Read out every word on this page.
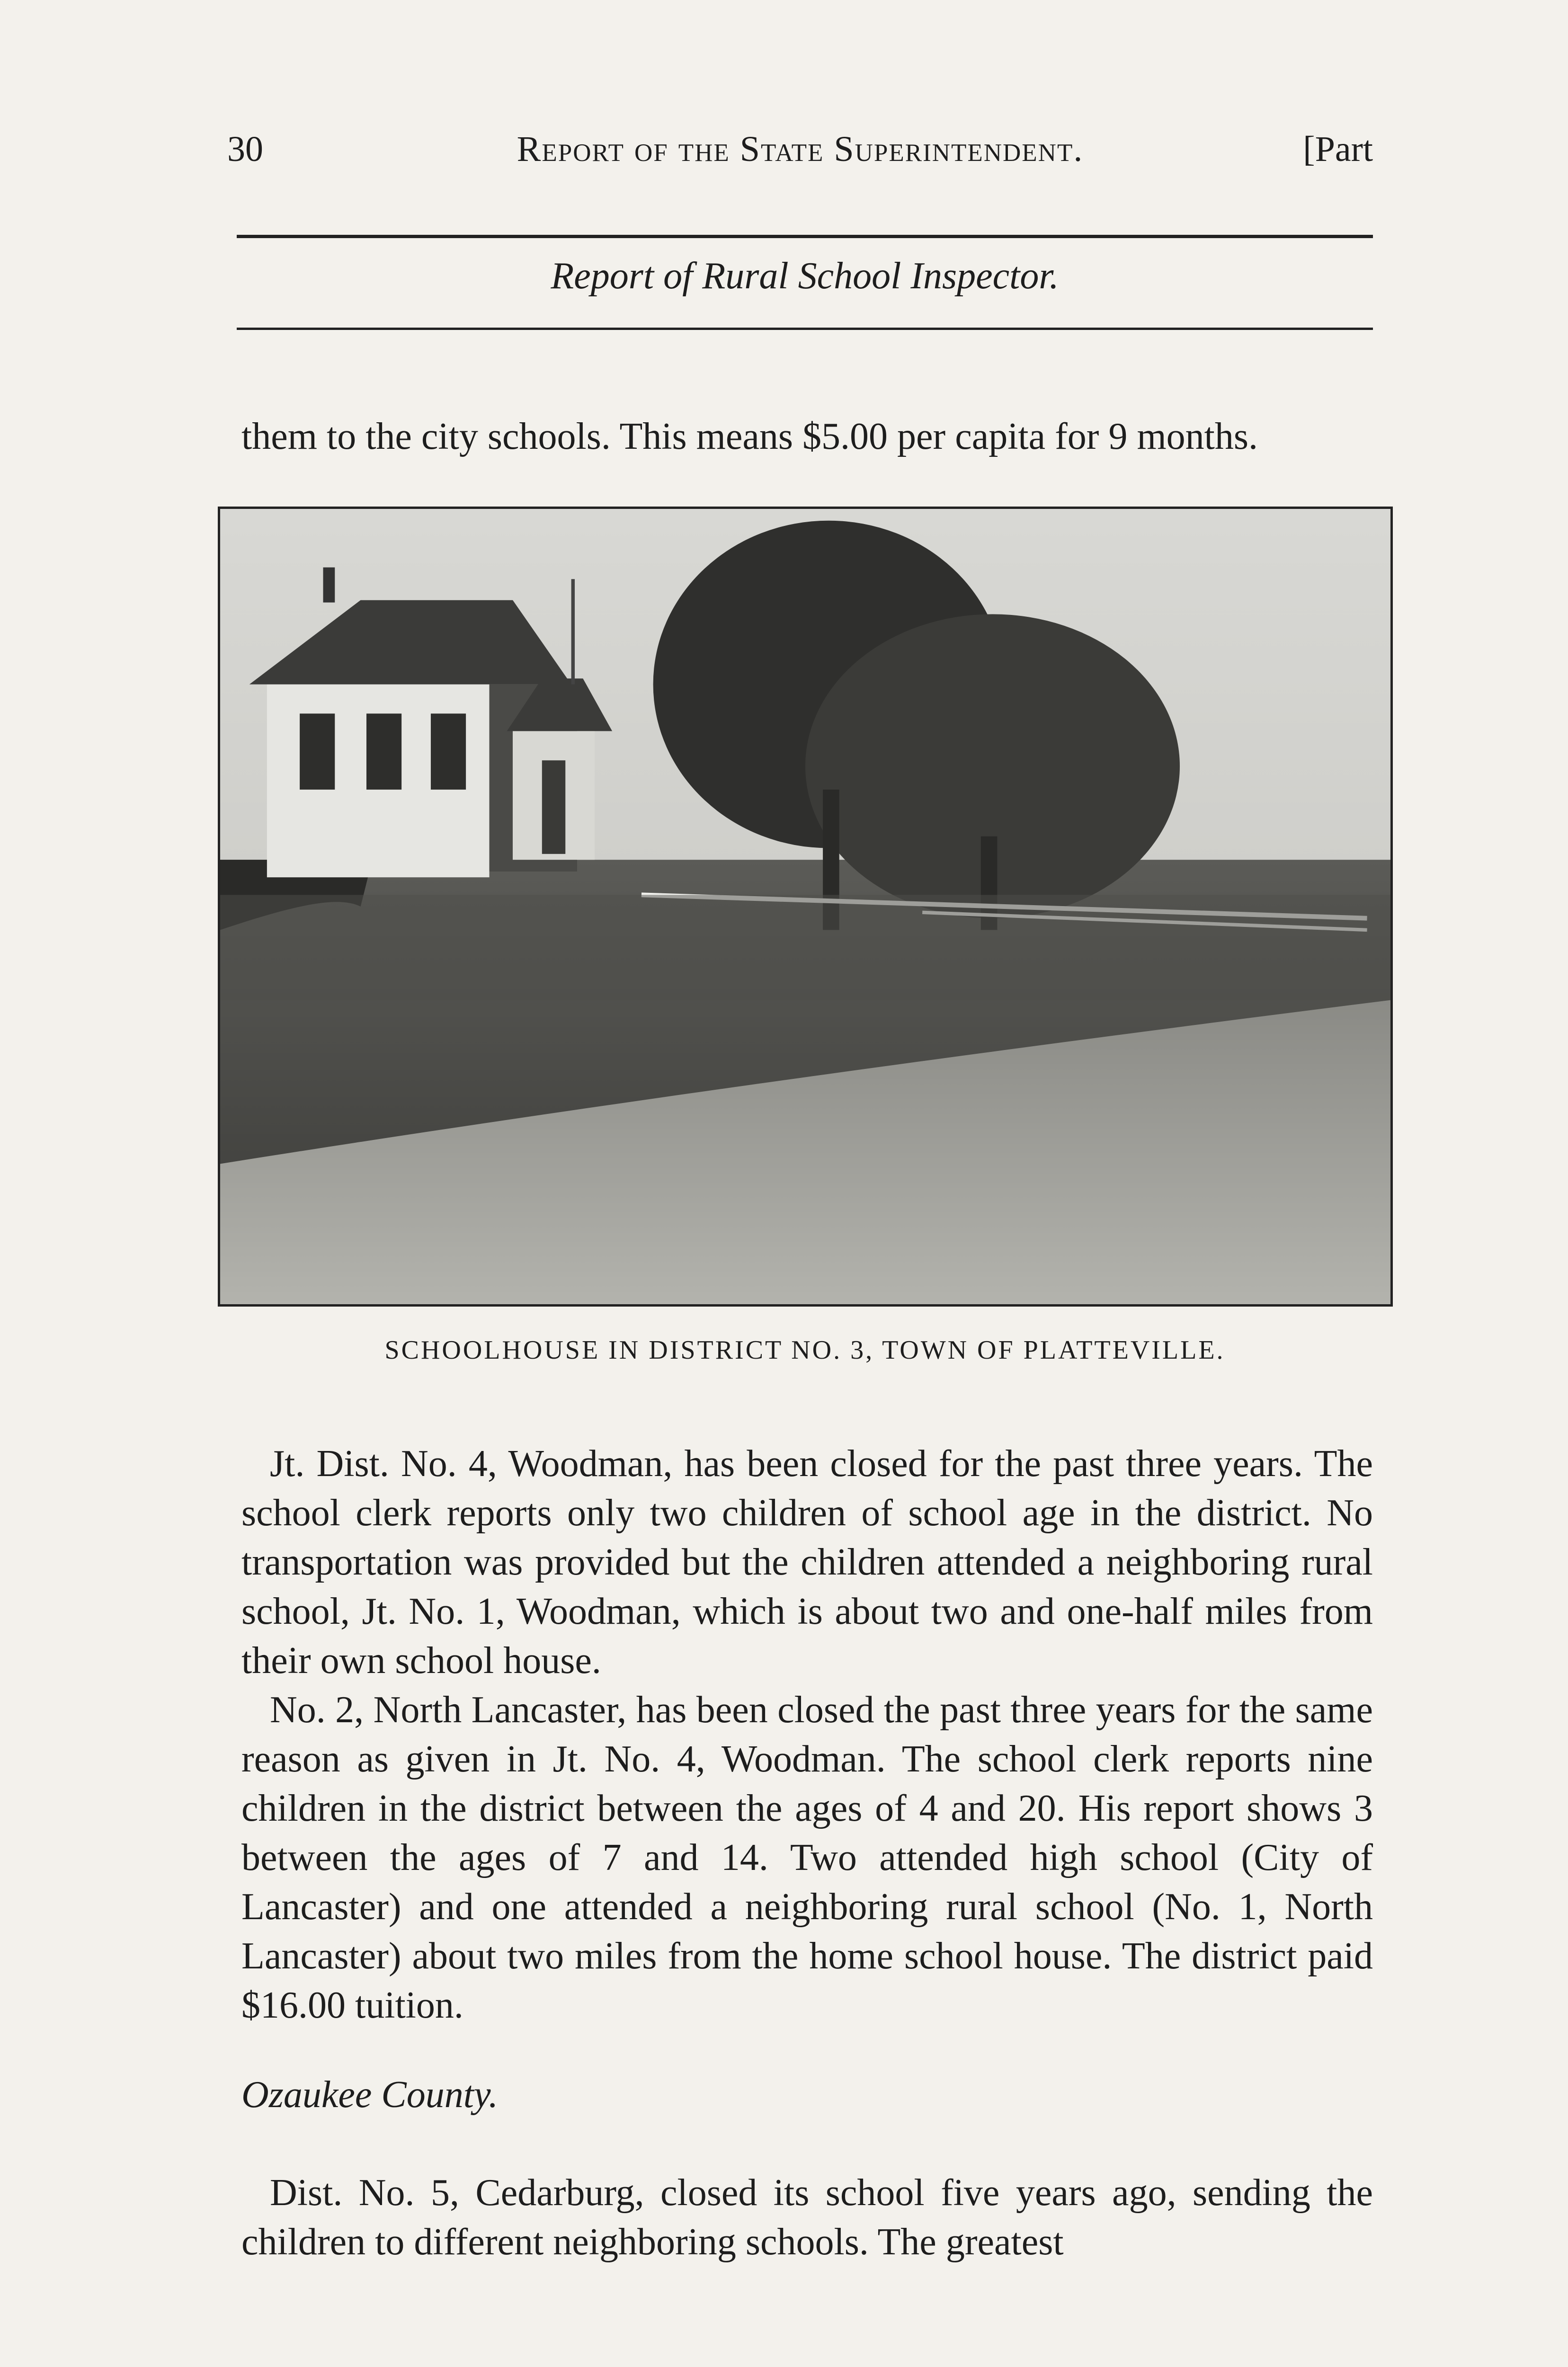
30	Report of the State Superintendent.	[Part
Report of Rural School Inspector.

them to the city schools. This means $5.00 per capita for 9 months.

SCHOOLHOUSE IN DISTRICT NO. 3, TOWN OF PLATTEVILLE.

Jt. Dist. No. 4, Woodman, has been closed for the past three years. The school clerk reports only two children of school age in the district. No transportation was provided but the children attended a neighboring rural school, Jt. No. 1, Woodman, which is about two and one-half miles from their own school house.

No. 2, North Lancaster, has been closed the past three years for the same reason as given in Jt. No. 4, Woodman. The school clerk reports nine children in the district between the ages of 4 and 20. His report shows 3 between the ages of 7 and 14. Two attended high school (City of Lancaster) and one attended a neighboring rural school (No. 1, North Lancaster) about two miles from the home school house. The district paid $16.00 tuition.

Ozaukee County.

Dist. No. 5, Cedarburg, closed its school five years ago, sending the children to different neighboring schools. The greatest
